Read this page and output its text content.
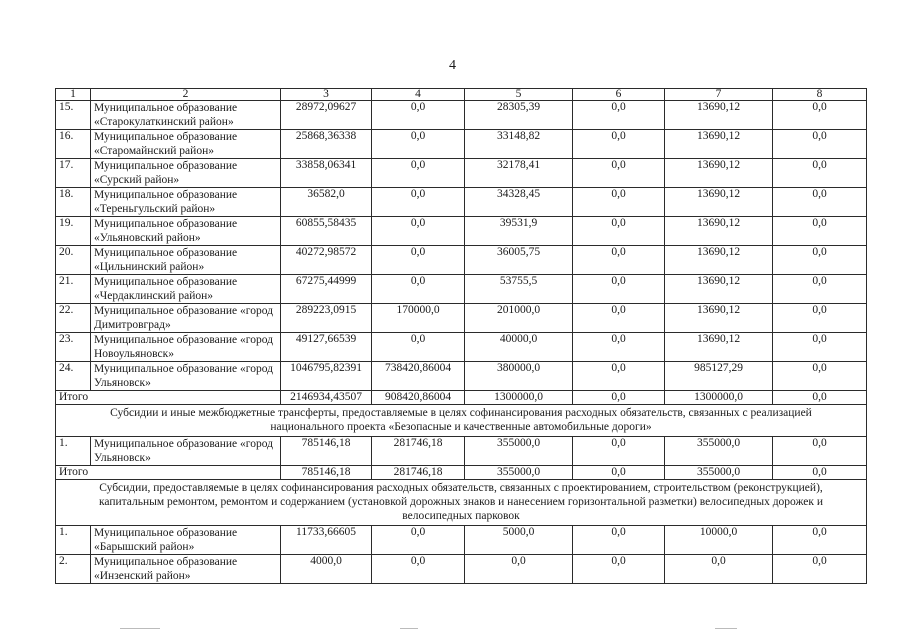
4
1	2	3	4	5	6	7	8
15.	Муниципальное образование «Старокулаткинский район»	28972,09627	0,0	28305,39	0,0	13690,12	0,0
16.	Муниципальное образование «Старомайнский район»	25868,36338	0,0	33148,82	0,0	13690,12	0,0
17.	Муниципальное образование «Сурский район»	33858,06341	0,0	32178,41	0,0	13690,12	0,0
18.	Муниципальное образование «Тереньгульский район»	36582,0	0,0	34328,45	0,0	13690,12	0,0
19.	Муниципальное образование «Ульяновский район»	60855,58435	0,0	39531,9	0,0	13690,12	0,0
20.	Муниципальное образование «Цильнинский район»	40272,98572	0,0	36005,75	0,0	13690,12	0,0
21.	Муниципальное образование «Чердаклинский район»	67275,44999	0,0	53755,5	0,0	13690,12	0,0
22.	Муниципальное образование «город Димитровград»	289223,0915	170000,0	201000,0	0,0	13690,12	0,0
23.	Муниципальное образование «город Новоульяновск»	49127,66539	0,0	40000,0	0,0	13690,12	0,0
24.	Муниципальное образование «город Ульяновск»	1046795,82391	738420,86004	380000,0	0,0	985127,29	0,0
Итого		2146934,43507	908420,86004	1300000,0	0,0	1300000,0	0,0
Субсидии и иные межбюджетные трансферты, предоставляемые в целях софинансирования расходных обязательств, связанных с реализацией национального проекта «Безопасные и качественные автомобильные дороги»							
1.	Муниципальное образование «город Ульяновск»	785146,18	281746,18	355000,0	0,0	355000,0	0,0
Итого		785146,18	281746,18	355000,0	0,0	355000,0	0,0
Субсидии, предоставляемые в целях софинансирования расходных обязательств, связанных с проектированием, строительством (реконструкцией), капитальным ремонтом, ремонтом и содержанием (установкой дорожных знаков и нанесением горизонтальной разметки) велосипедных дорожек и велосипедных парковок							
1.	Муниципальное образование «Барышский район»	11733,66605	0,0	5000,0	0,0	10000,0	0,0
2.	Муниципальное образование «Инзенский район»	4000,0	0,0	0,0	0,0	0,0	0,0
